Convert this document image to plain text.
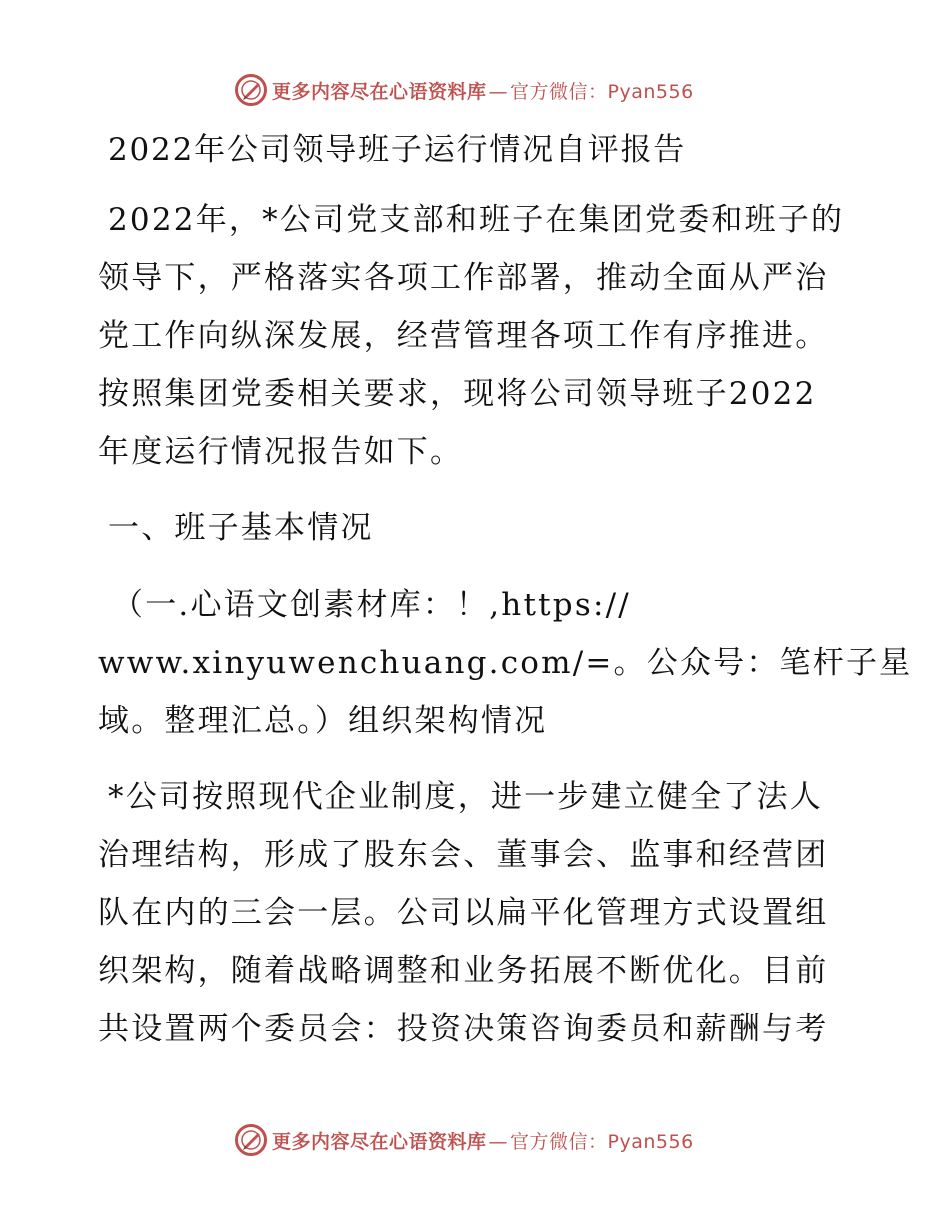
更多内容尽在心语资料库 — 官方微信：Pyan556
2022年公司领导班子运行情况自评报告
2022年，*公司党支部和班子在集团党委和班子的
领导下，严格落实各项工作部署，推动全面从严治
党工作向纵深发展，经营管理各项工作有序推进。
按照集团党委相关要求，现将公司领导班子2022
年度运行情况报告如下。
一、班子基本情况
（一.心语文创素材库：！,https://
www.xinyuwenchuang.com/=。公众号：笔杆子星
域。整理汇总。）组织架构情况
*公司按照现代企业制度，进一步建立健全了法人
治理结构，形成了股东会、董事会、监事和经营团
队在内的三会一层。公司以扁平化管理方式设置组
织架构，随着战略调整和业务拓展不断优化。目前
共设置两个委员会：投资决策咨询委员和薪酬与考
更多内容尽在心语资料库 — 官方微信：Pyan556
